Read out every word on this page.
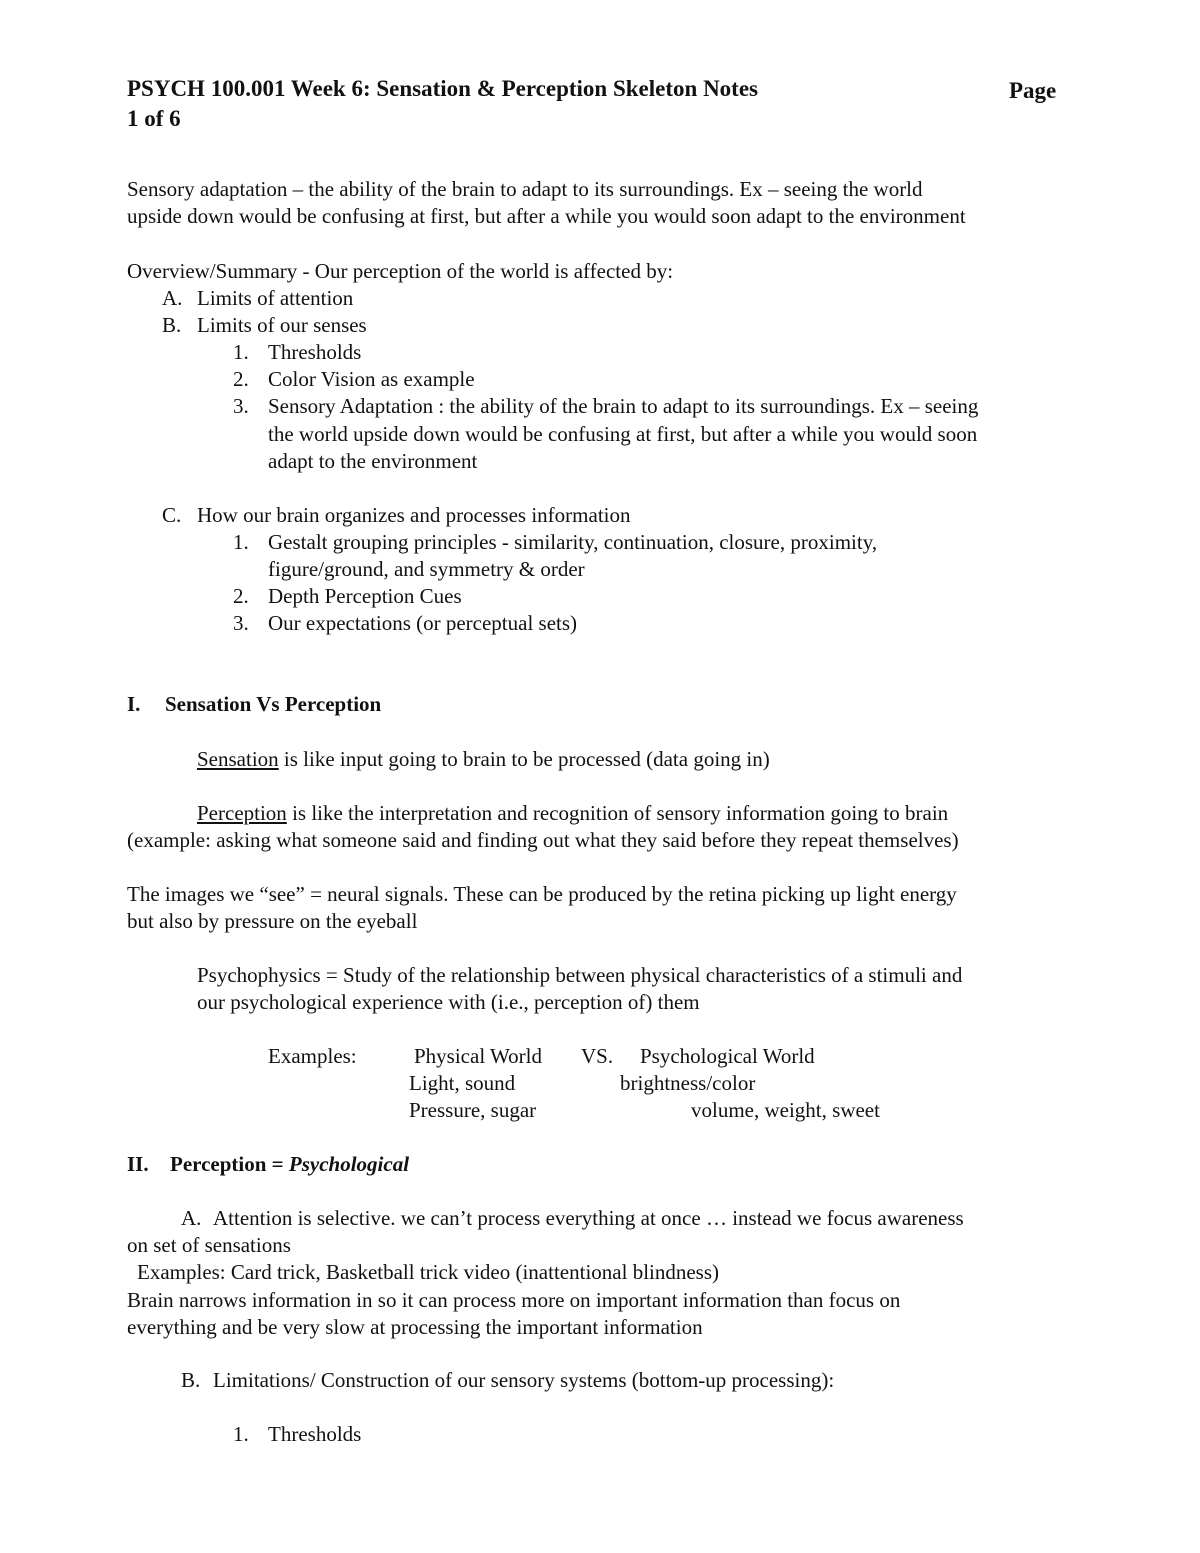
PSYCH 100.001 Week 6: Sensation & Perception Skeleton Notes	Page
1 of 6
Sensory adaptation – the ability of the brain to adapt to its surroundings. Ex – seeing the world
upside down would be confusing at first, but after a while you would soon adapt to the environment
Overview/Summary - Our perception of the world is affected by:
A. Limits of attention
B. Limits of our senses
1. Thresholds
2. Color Vision as example
3. Sensory Adaptation : the ability of the brain to adapt to its surroundings. Ex – seeing
the world upside down would be confusing at first, but after a while you would soon
adapt to the environment
C. How our brain organizes and processes information
1. Gestalt grouping principles - similarity, continuation, closure, proximity,
figure/ground, and symmetry & order
2. Depth Perception Cues
3. Our expectations (or perceptual sets)
I. Sensation Vs Perception
Sensation is like input going to brain to be processed (data going in)
Perception is like the interpretation and recognition of sensory information going to brain
(example: asking what someone said and finding out what they said before they repeat themselves)
The images we “see” = neural signals. These can be produced by the retina picking up light energy
but also by pressure on the eyeball
Psychophysics = Study of the relationship between physical characteristics of a stimuli and
our psychological experience with (i.e., perception of) them
Examples:	Physical World VS. Psychological World
Light, sound	brightness/color
Pressure, sugar	volume, weight, sweet
II. Perception = Psychological
A. Attention is selective. we can’t process everything at once … instead we focus awareness
on set of sensations
Examples: Card trick, Basketball trick video (inattentional blindness)
Brain narrows information in so it can process more on important information than focus on
everything and be very slow at processing the important information
B. Limitations/ Construction of our sensory systems (bottom-up processing):
1. Thresholds
